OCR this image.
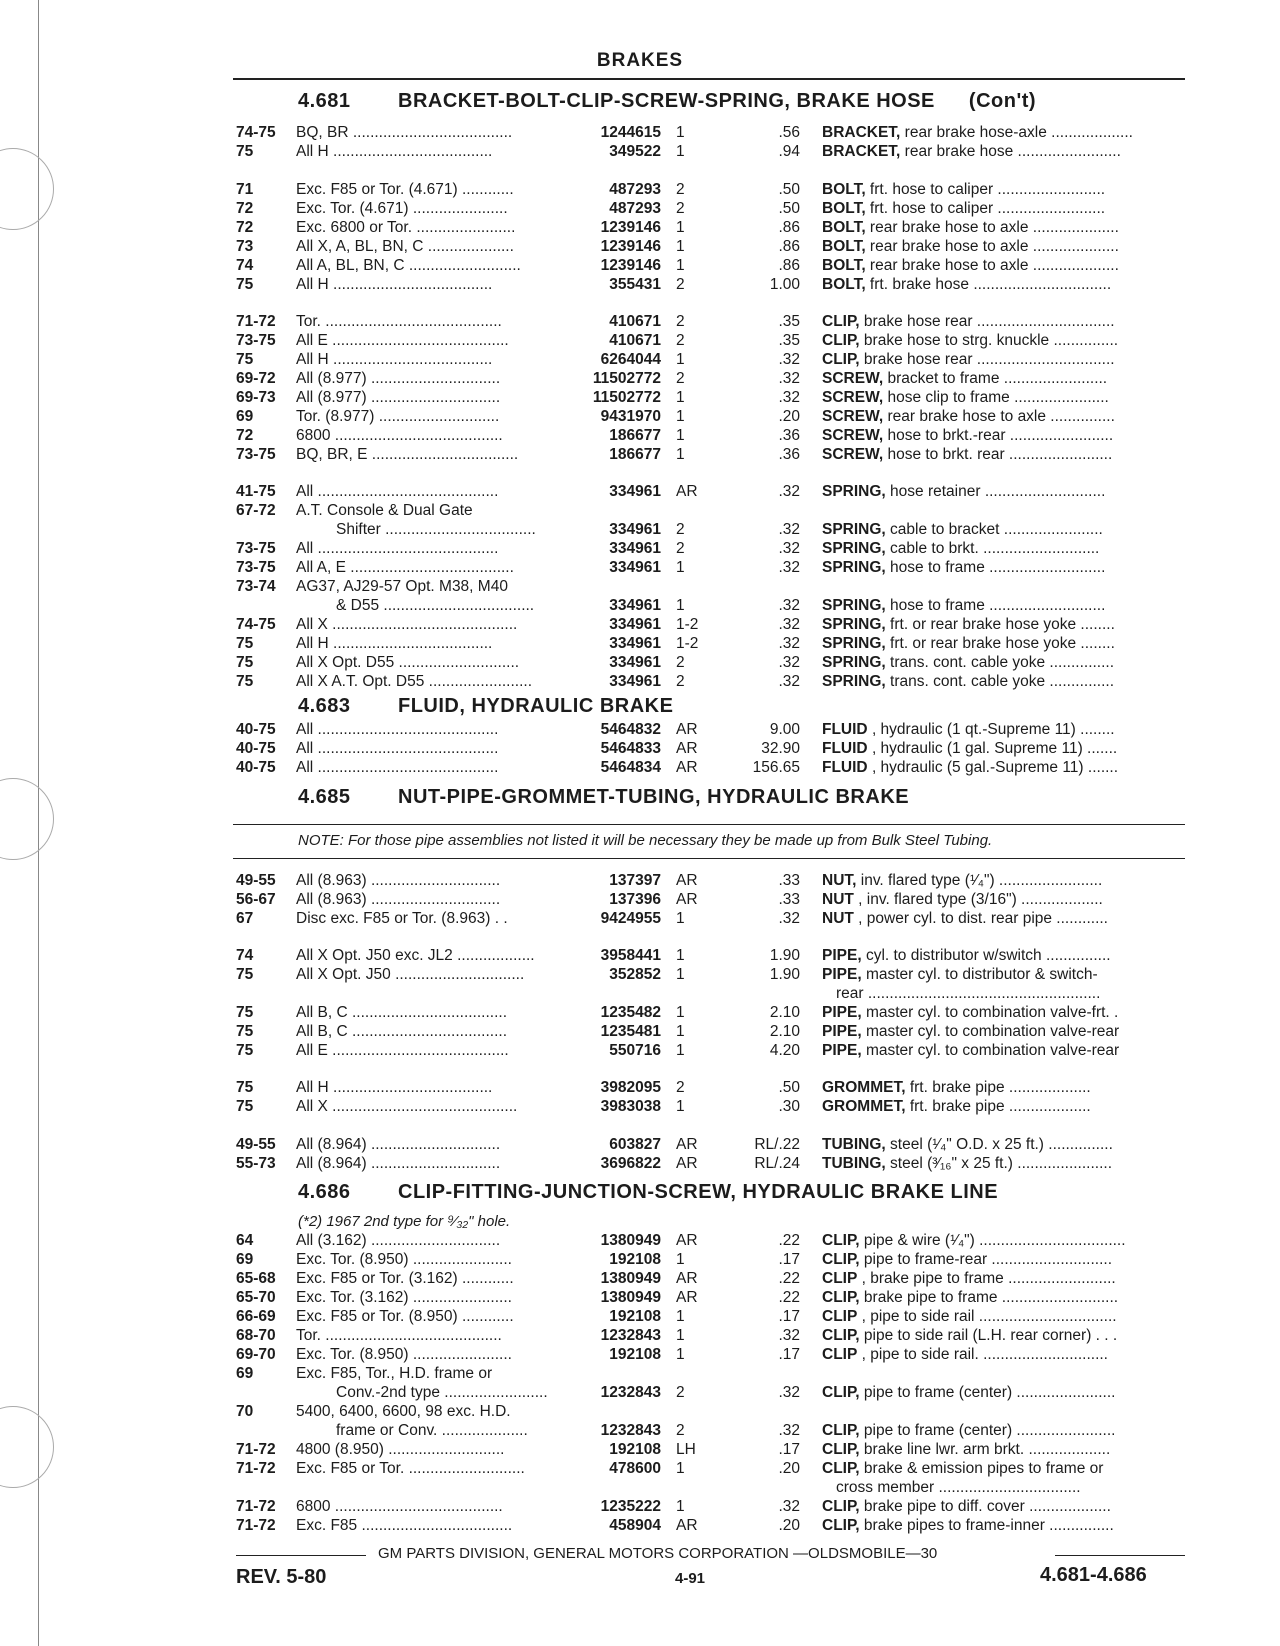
BRAKES
4.681 BRACKET-BOLT-CLIP-SCREW-SPRING, BRAKE HOSE (Con't)
4.683 FLUID, HYDRAULIC BRAKE
4.685 NUT-PIPE-GROMMET-TUBING, HYDRAULIC BRAKE
NOTE: For those pipe assemblies not listed it will be necessary they be made up from Bulk Steel Tubing.
4.686 CLIP-FITTING-JUNCTION-SCREW, HYDRAULIC BRAKE LINE
(*2) 1967 2nd type for ⁹⁄₃₂" hole.
74-75 BQ, BR .....................................	1244615 1	.56 BRACKET, rear brake hose-axle ...................
75	All H .....................................	349522 1	.94 BRACKET, rear brake hose ........................
71	Exc. F85 or Tor. (4.671) ............	487293 2	.50 BOLT, frt. hose to caliper .........................
72	Exc. Tor. (4.671) ......................	487293 2	.50 BOLT, frt. hose to caliper .........................
72	Exc. 6800 or Tor. .......................	1239146 1	.86 BOLT, rear brake hose to axle ....................
73	All X, A, BL, BN, C ....................	1239146 1	.86 BOLT, rear brake hose to axle ....................
74	All A, BL, BN, C ..........................	1239146 1	.86 BOLT, rear brake hose to axle ....................
75	All H .....................................	355431 2	1.00 BOLT, frt. brake hose ................................
71-72 Tor. .........................................	410671 2	.35 CLIP, brake hose rear ................................
73-75 All E .........................................	410671 2	.35 CLIP, brake hose to strg. knuckle ...............
75	All H .....................................	6264044 1	.32 CLIP, brake hose rear ................................
69-72 All (8.977) ..............................	11502772 2	.32 SCREW, bracket to frame ........................
69-73 All (8.977) ..............................	11502772 1	.32 SCREW, hose clip to frame ......................
69	Tor. (8.977) ............................	9431970 1	.20 SCREW, rear brake hose to axle ...............
72	6800 .......................................	186677 1	.36 SCREW, hose to brkt.-rear ........................
73-75 BQ, BR, E ..................................	186677 1	.36 SCREW, hose to brkt. rear ........................
41-75 All ..........................................	334961 AR	.32 SPRING, hose retainer ............................
67-72 A.T. Console & Dual Gate
Shifter ...................................	334961 2	.32 SPRING, cable to bracket .......................
73-75 All ..........................................	334961 2	.32 SPRING, cable to brkt. ...........................
73-75 All A, E ......................................	334961 1	.32 SPRING, hose to frame ...........................
73-74 AG37, AJ29-57 Opt. M38, M40
& D55 ...................................	334961 1	.32 SPRING, hose to frame ...........................
74-75 All X ...........................................	334961 1-2	.32 SPRING, frt. or rear brake hose yoke ........
75	All H .....................................	334961 1-2	.32 SPRING, frt. or rear brake hose yoke ........
75	All X Opt. D55 ............................	334961 2	.32 SPRING, trans. cont. cable yoke ...............
75	All X A.T. Opt. D55 ........................	334961 2	.32 SPRING, trans. cont. cable yoke ...............
40-75 All ..........................................	5464832 AR	9.00 FLUID , hydraulic (1 qt.-Supreme 11) ........
40-75 All ..........................................	5464833 AR	32.90 FLUID , hydraulic (1 gal. Supreme 11) .......
40-75 All ..........................................	5464834 AR	156.65 FLUID , hydraulic (5 gal.-Supreme 11) .......
49-55 All (8.963) ..............................	137397 AR	.33 NUT, inv. flared type (¹⁄₄") ........................
56-67 All (8.963) ..............................	137396 AR	.33 NUT , inv. flared type (3/16") ...................
67	Disc exc. F85 or Tor. (8.963) . .	9424955 1	.32 NUT , power cyl. to dist. rear pipe ............
74	All X Opt. J50 exc. JL2 ..................	3958441 1	1.90 PIPE, cyl. to distributor w/switch ...............
75	All X Opt. J50 ..............................	352852 1	1.90 PIPE, master cyl. to distributor & switch-
rear ......................................................
75	All B, C ....................................	1235482 1	2.10 PIPE, master cyl. to combination valve-frt. .
75	All B, C ....................................	1235481 1	2.10 PIPE, master cyl. to combination valve-rear
75	All E .........................................	550716 1	4.20 PIPE, master cyl. to combination valve-rear
75	All H .....................................	3982095 2	.50 GROMMET, frt. brake pipe ...................
75	All X ...........................................	3983038 1	.30 GROMMET, frt. brake pipe ...................
49-55 All (8.964) ..............................	603827 AR	RL/.22 TUBING, steel (¹⁄₄" O.D. x 25 ft.) ...............
55-73 All (8.964) ..............................	3696822 AR	RL/.24 TUBING, steel (³⁄₁₆" x 25 ft.) ......................
64	All (3.162) ..............................	1380949 AR	.22 CLIP, pipe & wire (¹⁄₄") ..................................
69	Exc. Tor. (8.950) .......................	192108 1	.17 CLIP, pipe to frame-rear ............................
65-68 Exc. F85 or Tor. (3.162) ............	1380949 AR	.22 CLIP , brake pipe to frame .........................
65-70 Exc. Tor. (3.162) .......................	1380949 AR	.22 CLIP, brake pipe to frame ...........................
66-69 Exc. F85 or Tor. (8.950) ............	192108 1	.17 CLIP , pipe to side rail ................................
68-70 Tor. .........................................	1232843 1	.32 CLIP, pipe to side rail (L.H. rear corner) . . .
69-70 Exc. Tor. (8.950) .......................	192108 1	.17 CLIP , pipe to side rail. .............................
69	Exc. F85, Tor., H.D. frame or
Conv.-2nd type ........................	1232843 2	.32 CLIP, pipe to frame (center) .......................
70	5400, 6400, 6600, 98 exc. H.D.
frame or Conv. ....................	1232843 2	.32 CLIP, pipe to frame (center) .......................
71-72 4800 (8.950) ...........................	192108 LH	.17 CLIP, brake line lwr. arm brkt. ...................
71-72 Exc. F85 or Tor. ...........................	478600 1	.20 CLIP, brake & emission pipes to frame or
cross member .................................
71-72 6800 .......................................	1235222 1	.32 CLIP, brake pipe to diff. cover ...................
71-72 Exc. F85 ...................................	458904 AR	.20 CLIP, brake pipes to frame-inner ...............
GM PARTS DIVISION, GENERAL MOTORS CORPORATION —OLDSMOBILE—30
REV. 5-80	4-91	4.681-4.686
